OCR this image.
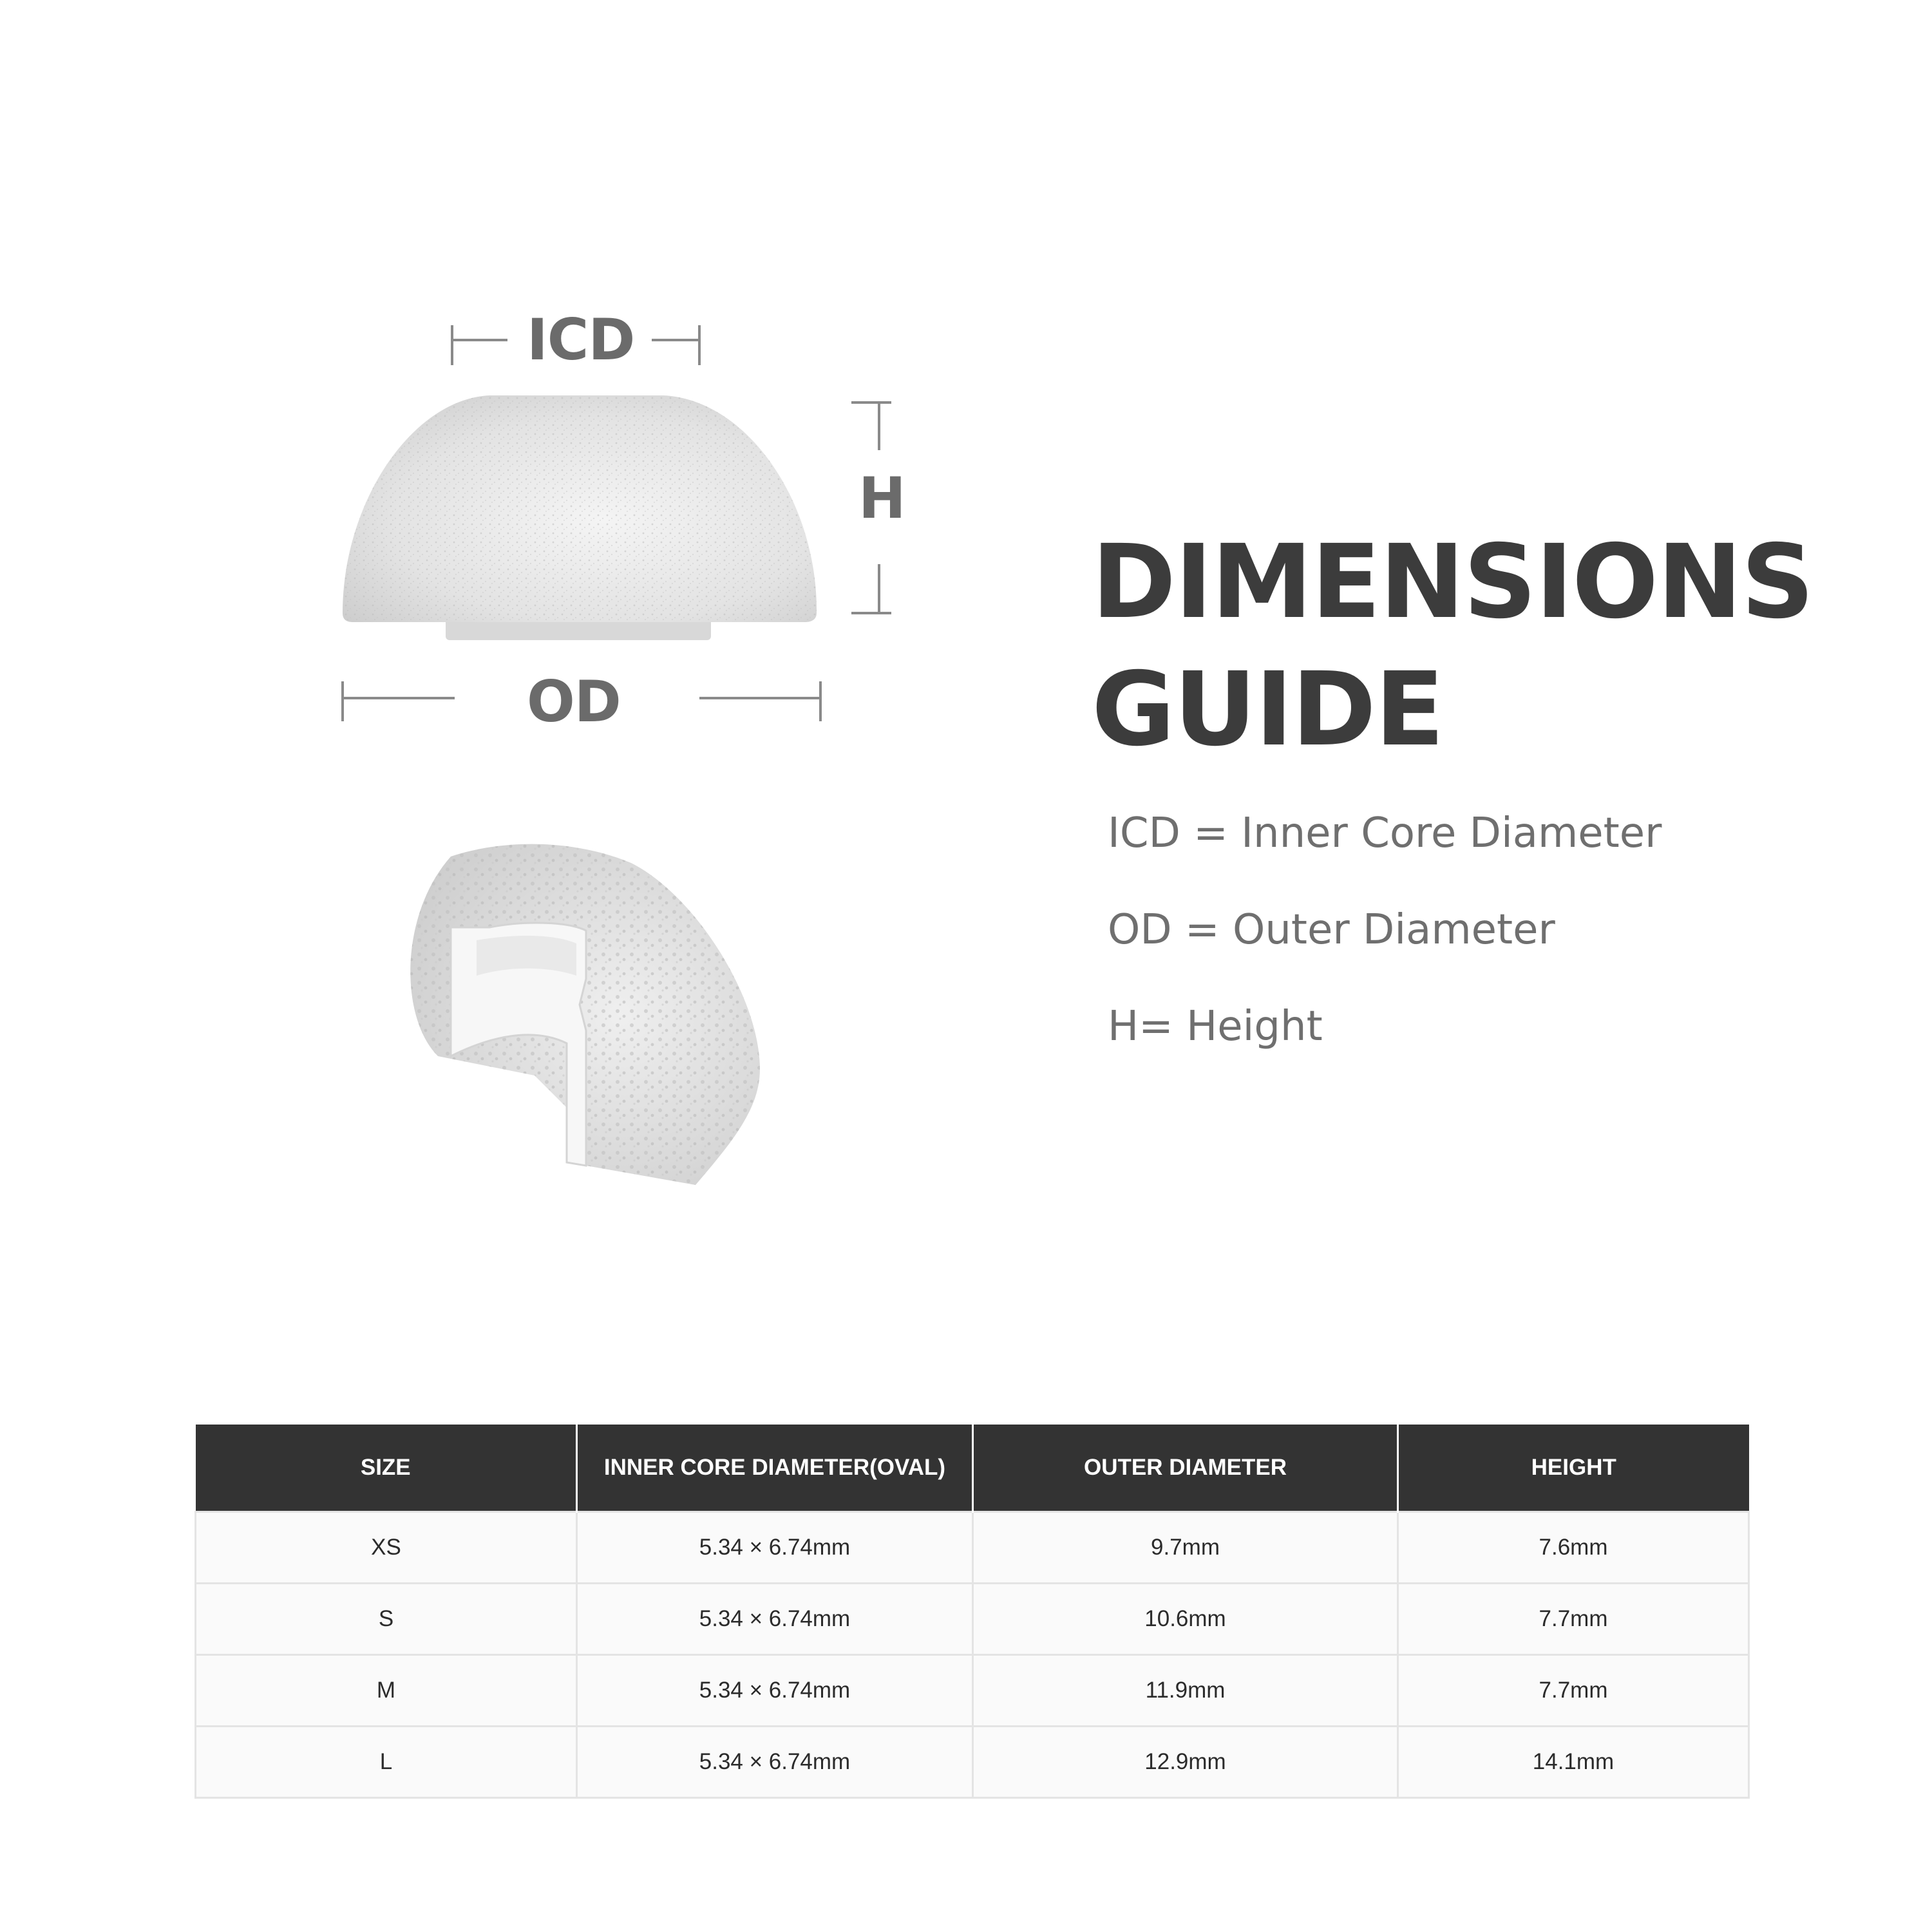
ICD
H
OD
DIMENSIONS
GUIDE
ICD = Inner Core Diameter
OD = Outer Diameter
H= Height
SIZE	INNER CORE DIAMETER(OVAL)	OUTER DIAMETER	HEIGHT
XS	5.34 × 6.74mm	9.7mm	7.6mm
S	5.34 × 6.74mm	10.6mm	7.7mm
M	5.34 × 6.74mm	11.9mm	7.7mm
L	5.34 × 6.74mm	12.9mm	14.1mm
